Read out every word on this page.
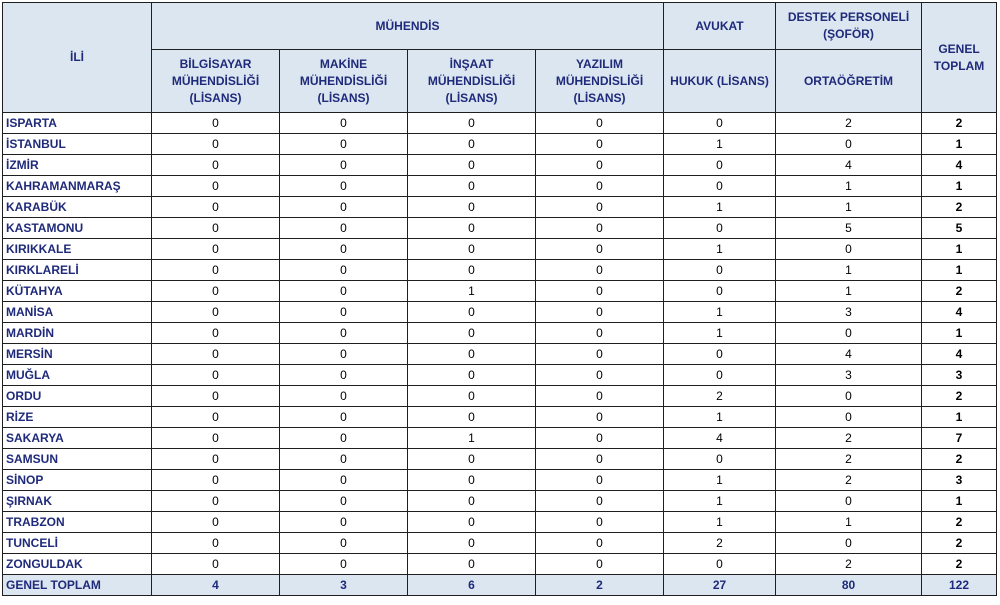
İLİ	MÜHENDİS				AVUKAT	DESTEK PERSONELİ (ŞOFÖR)	GENEL TOPLAM
	BİLGİSAYAR MÜHENDİSLİĞİ (LİSANS)	MAKİNE MÜHENDİSLİĞİ (LİSANS)	İNŞAAT MÜHENDİSLİĞİ (LİSANS)	YAZILIM MÜHENDİSLİĞİ (LİSANS)	HUKUK (LİSANS)	ORTAÖĞRETİM	
ISPARTA	0	0	0	0	0	2	2
İSTANBUL	0	0	0	0	1	0	1
İZMİR	0	0	0	0	0	4	4
KAHRAMANMARAŞ	0	0	0	0	0	1	1
KARABÜK	0	0	0	0	1	1	2
KASTAMONU	0	0	0	0	0	5	5
KIRIKKALE	0	0	0	0	1	0	1
KIRKLARELİ	0	0	0	0	0	1	1
KÜTAHYA	0	0	1	0	0	1	2
MANİSA	0	0	0	0	1	3	4
MARDİN	0	0	0	0	1	0	1
MERSİN	0	0	0	0	0	4	4
MUĞLA	0	0	0	0	0	3	3
ORDU	0	0	0	0	2	0	2
RİZE	0	0	0	0	1	0	1
SAKARYA	0	0	1	0	4	2	7
SAMSUN	0	0	0	0	0	2	2
SİNOP	0	0	0	0	1	2	3
ŞIRNAK	0	0	0	0	1	0	1
TRABZON	0	0	0	0	1	1	2
TUNCELİ	0	0	0	0	2	0	2
ZONGULDAK	0	0	0	0	0	2	2
GENEL TOPLAM	4	3	6	2	27	80	122
